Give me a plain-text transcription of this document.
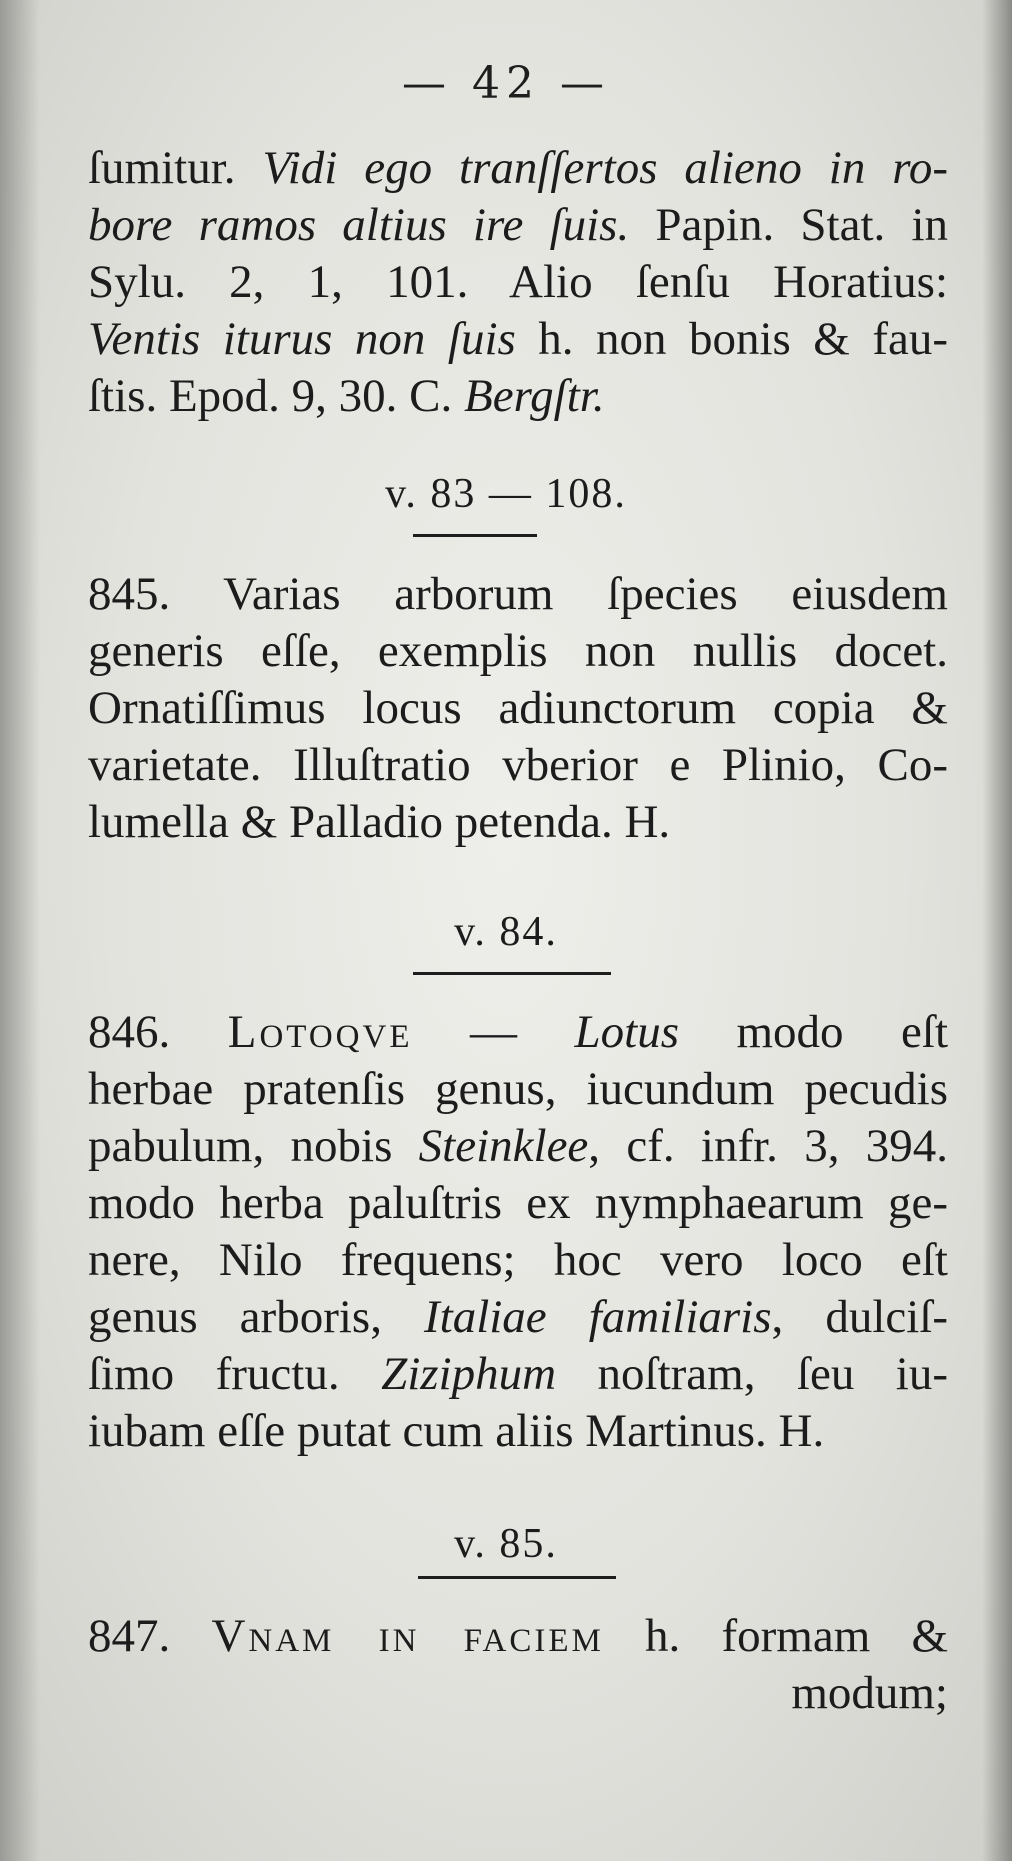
— 42 —
ſumitur. Vidi ego tranſſertos alieno in ro-
bore ramos altius ire ſuis. Papin. Stat. in
Sylu. 2, 1, 101. Alio ſenſu Horatius:
Ventis iturus non ſuis h. non bonis & fau-
ſtis. Epod. 9, 30. C. Bergſtr.
v. 83 — 108.
845. Varias arborum ſpecies eiusdem
generis eſſe, exemplis non nullis docet.
Ornatiſſimus locus adiunctorum copia &
varietate. Illuſtratio vberior e Plinio, Co-
lumella & Palladio petenda. H.
v. 84.
846. Lotoqve — Lotus modo eſt
herbae pratenſis genus, iucundum pecudis
pabulum, nobis Steinklee, cf. infr. 3, 394.
modo herba paluſtris ex nymphaearum ge-
nere, Nilo frequens; hoc vero loco eſt
genus arboris, Italiae familiaris, dulciſ-
ſimo fructu. Ziziphum noſtram, ſeu iu-
iubam eſſe putat cum aliis Martinus. H.
v. 85.
847. Vnam in faciem h. formam &
modum;
